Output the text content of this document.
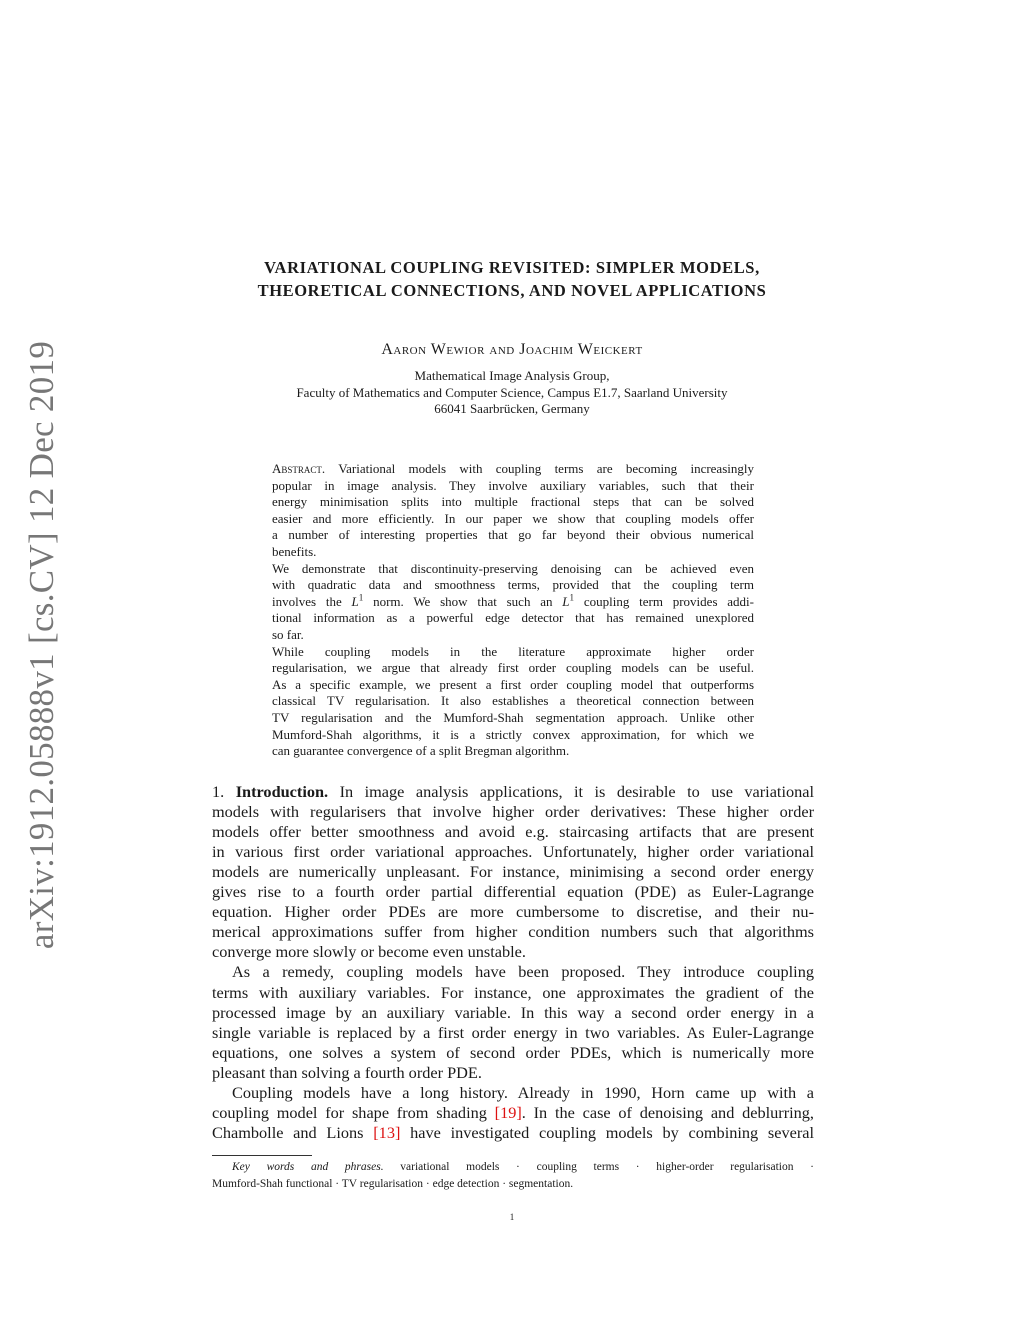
arXiv:1912.05888v1 [cs.CV] 12 Dec 2019
VARIATIONAL COUPLING REVISITED: SIMPLER MODELS,
THEORETICAL CONNECTIONS, AND NOVEL APPLICATIONS
Aaron Wewior and Joachim Weickert
Mathematical Image Analysis Group,
Faculty of Mathematics and Computer Science, Campus E1.7, Saarland University
66041 Saarbrücken, Germany
Abstract. Variational models with coupling terms are becoming increasingly
popular in image analysis. They involve auxiliary variables, such that their
energy minimisation splits into multiple fractional steps that can be solved
easier and more efficiently. In our paper we show that coupling models offer
a number of interesting properties that go far beyond their obvious numerical
benefits.
We demonstrate that discontinuity-preserving denoising can be achieved even
with quadratic data and smoothness terms, provided that the coupling term
involves the $L^1$ norm. We show that such an $L^1$ coupling term provides addi-
tional information as a powerful edge detector that has remained unexplored
so far.
While coupling models in the literature approximate higher order
regularisation, we argue that already first order coupling models can be useful.
As a specific example, we present a first order coupling model that outperforms
classical TV regularisation. It also establishes a theoretical connection between
TV regularisation and the Mumford-Shah segmentation approach. Unlike other
Mumford-Shah algorithms, it is a strictly convex approximation, for which we
can guarantee convergence of a split Bregman algorithm.
1. Introduction. In image analysis applications, it is desirable to use variational
models with regularisers that involve higher order derivatives: These higher order
models offer better smoothness and avoid e.g. staircasing artifacts that are present
in various first order variational approaches. Unfortunately, higher order variational
models are numerically unpleasant. For instance, minimising a second order energy
gives rise to a fourth order partial differential equation (PDE) as Euler-Lagrange
equation. Higher order PDEs are more cumbersome to discretise, and their nu-
merical approximations suffer from higher condition numbers such that algorithms
converge more slowly or become even unstable.
As a remedy, coupling models have been proposed. They introduce coupling
terms with auxiliary variables. For instance, one approximates the gradient of the
processed image by an auxiliary variable. In this way a second order energy in a
single variable is replaced by a first order energy in two variables. As Euler-Lagrange
equations, one solves a system of second order PDEs, which is numerically more
pleasant than solving a fourth order PDE.
Coupling models have a long history. Already in 1990, Horn came up with a
coupling model for shape from shading [19]. In the case of denoising and deblurring,
Chambolle and Lions [13] have investigated coupling models by combining several
Key words and phrases. variational models · coupling terms · higher-order regularisation ·
Mumford-Shah functional · TV regularisation · edge detection · segmentation.
1
